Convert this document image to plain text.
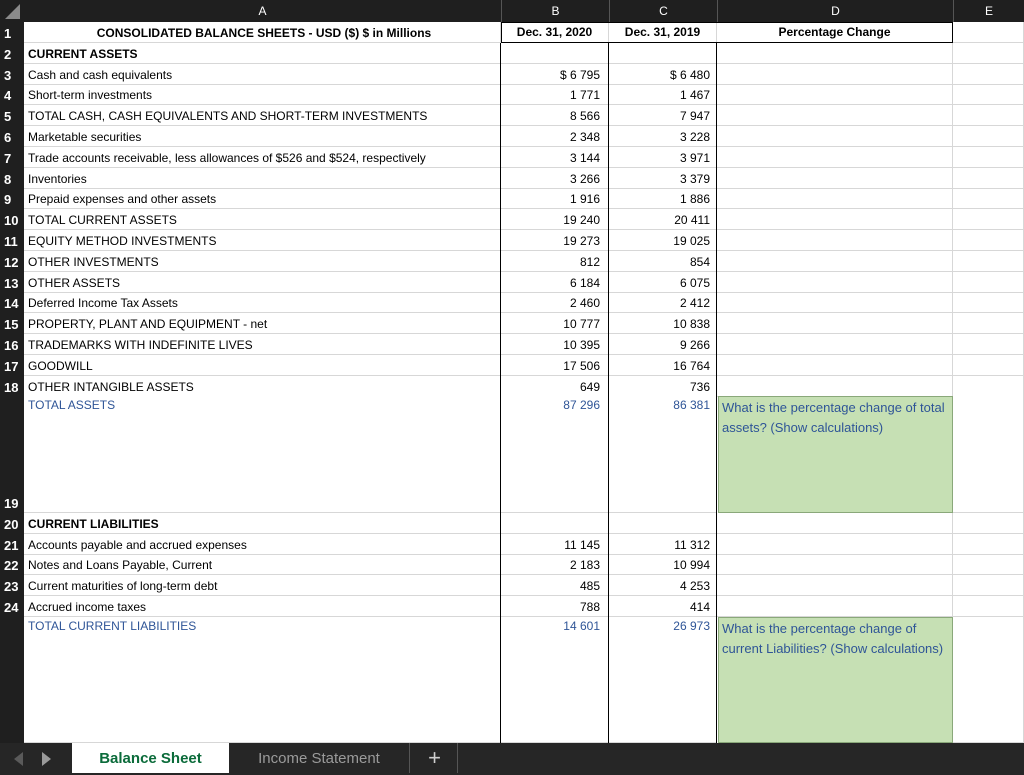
A	B	C	D	E
1	CONSOLIDATED BALANCE SHEETS - USD ($) $ in Millions	Dec. 31, 2020	Dec. 31, 2019	Percentage Change
2 CURRENT ASSETS
3 Cash and cash equivalents	$ 6 795	$ 6 480
4 Short-term investments	1 771	1 467
5 TOTAL CASH, CASH EQUIVALENTS AND SHORT-TERM INVESTMENTS	8 566	7 947
6 Marketable securities	2 348	3 228
7 Trade accounts receivable, less allowances of $526 and $524, respectively	3 144	3 971
8 Inventories	3 266	3 379
9 Prepaid expenses and other assets	1 916	1 886
10 TOTAL CURRENT ASSETS	19 240	20 411
11 EQUITY METHOD INVESTMENTS	19 273	19 025
12 OTHER INVESTMENTS	812	854
13 OTHER ASSETS	6 184	6 075
14 Deferred Income Tax Assets	2 460	2 412
15 PROPERTY, PLANT AND EQUIPMENT - net	10 777	10 838
16 TRADEMARKS WITH INDEFINITE LIVES	10 395	9 266
17 GOODWILL	17 506	16 764
18 OTHER INTANGIBLE ASSETS	649	736
19
TOTAL ASSETS	87 296	86 381 What is the percentage change of total assets? (Show calculations)
20 CURRENT LIABILITIES
21 Accounts payable and accrued expenses	11 145	11 312
22 Notes and Loans Payable, Current	2 183	10 994
23 Current maturities of long-term debt	485	4 253
24 Accrued income taxes	788	414
TOTAL CURRENT LIABILITIES	14 601	26 973 What is the percentage change of current Liabilities? (Show calculations)
Balance Sheet	Income Statement +
